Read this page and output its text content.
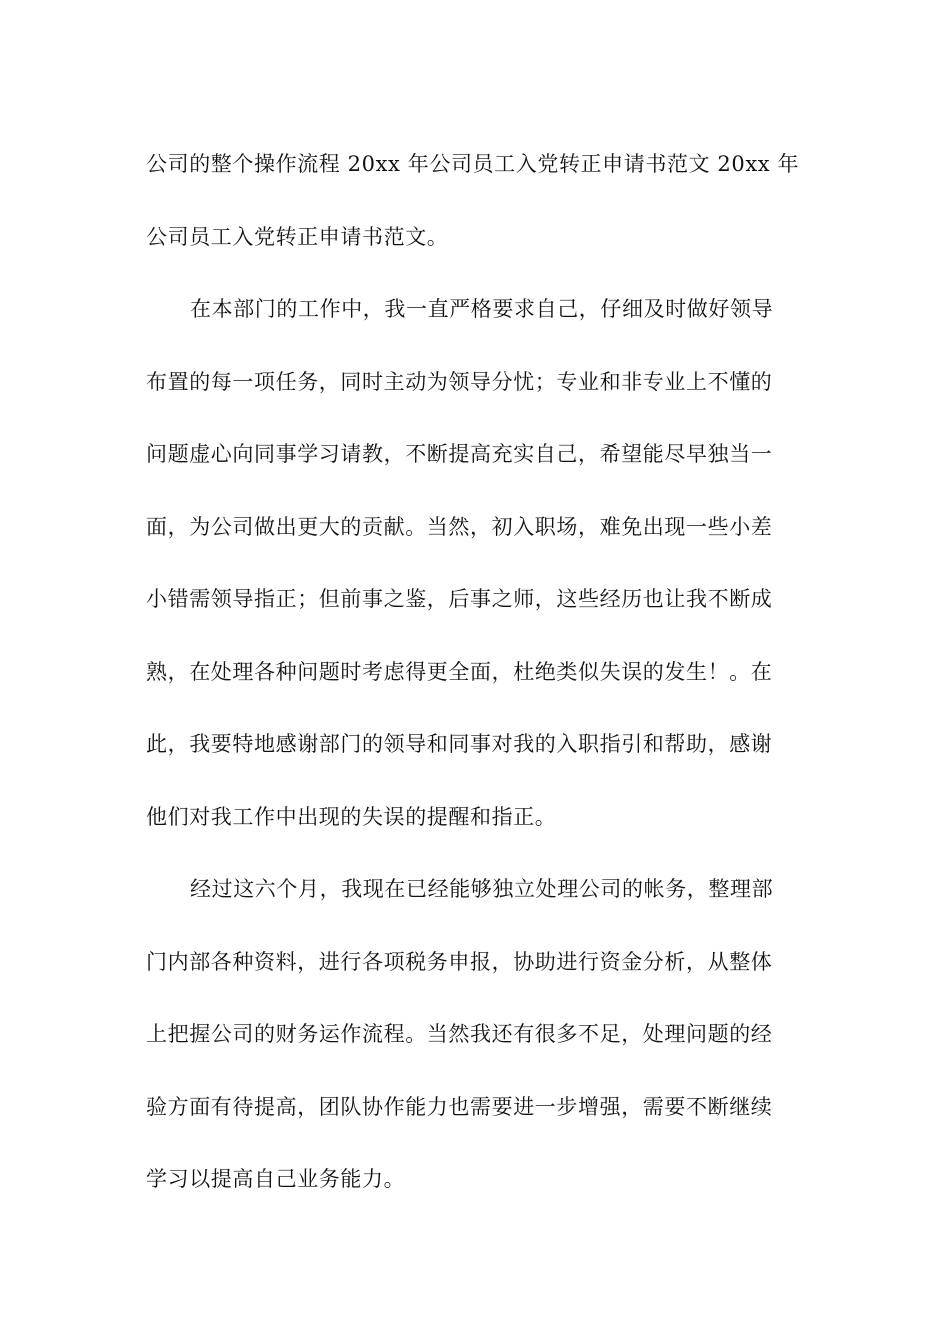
公司的整个操作流程 20xx 年公司员工入党转正申请书范文 20xx 年
公司员工入党转正申请书范文。
在本部门的工作中，我一直严格要求自己，仔细及时做好领导
布置的每一项任务，同时主动为领导分忧；专业和非专业上不懂的
问题虚心向同事学习请教，不断提高充实自己，希望能尽早独当一
面，为公司做出更大的贡献。当然，初入职场，难免出现一些小差
小错需领导指正；但前事之鉴，后事之师，这些经历也让我不断成
熟，在处理各种问题时考虑得更全面，杜绝类似失误的发生！。在
此，我要特地感谢部门的领导和同事对我的入职指引和帮助，感谢
他们对我工作中出现的失误的提醒和指正。
经过这六个月，我现在已经能够独立处理公司的帐务，整理部
门内部各种资料，进行各项税务申报，协助进行资金分析，从整体
上把握公司的财务运作流程。当然我还有很多不足，处理问题的经
验方面有待提高，团队协作能力也需要进一步增强，需要不断继续
学习以提高自己业务能力。
